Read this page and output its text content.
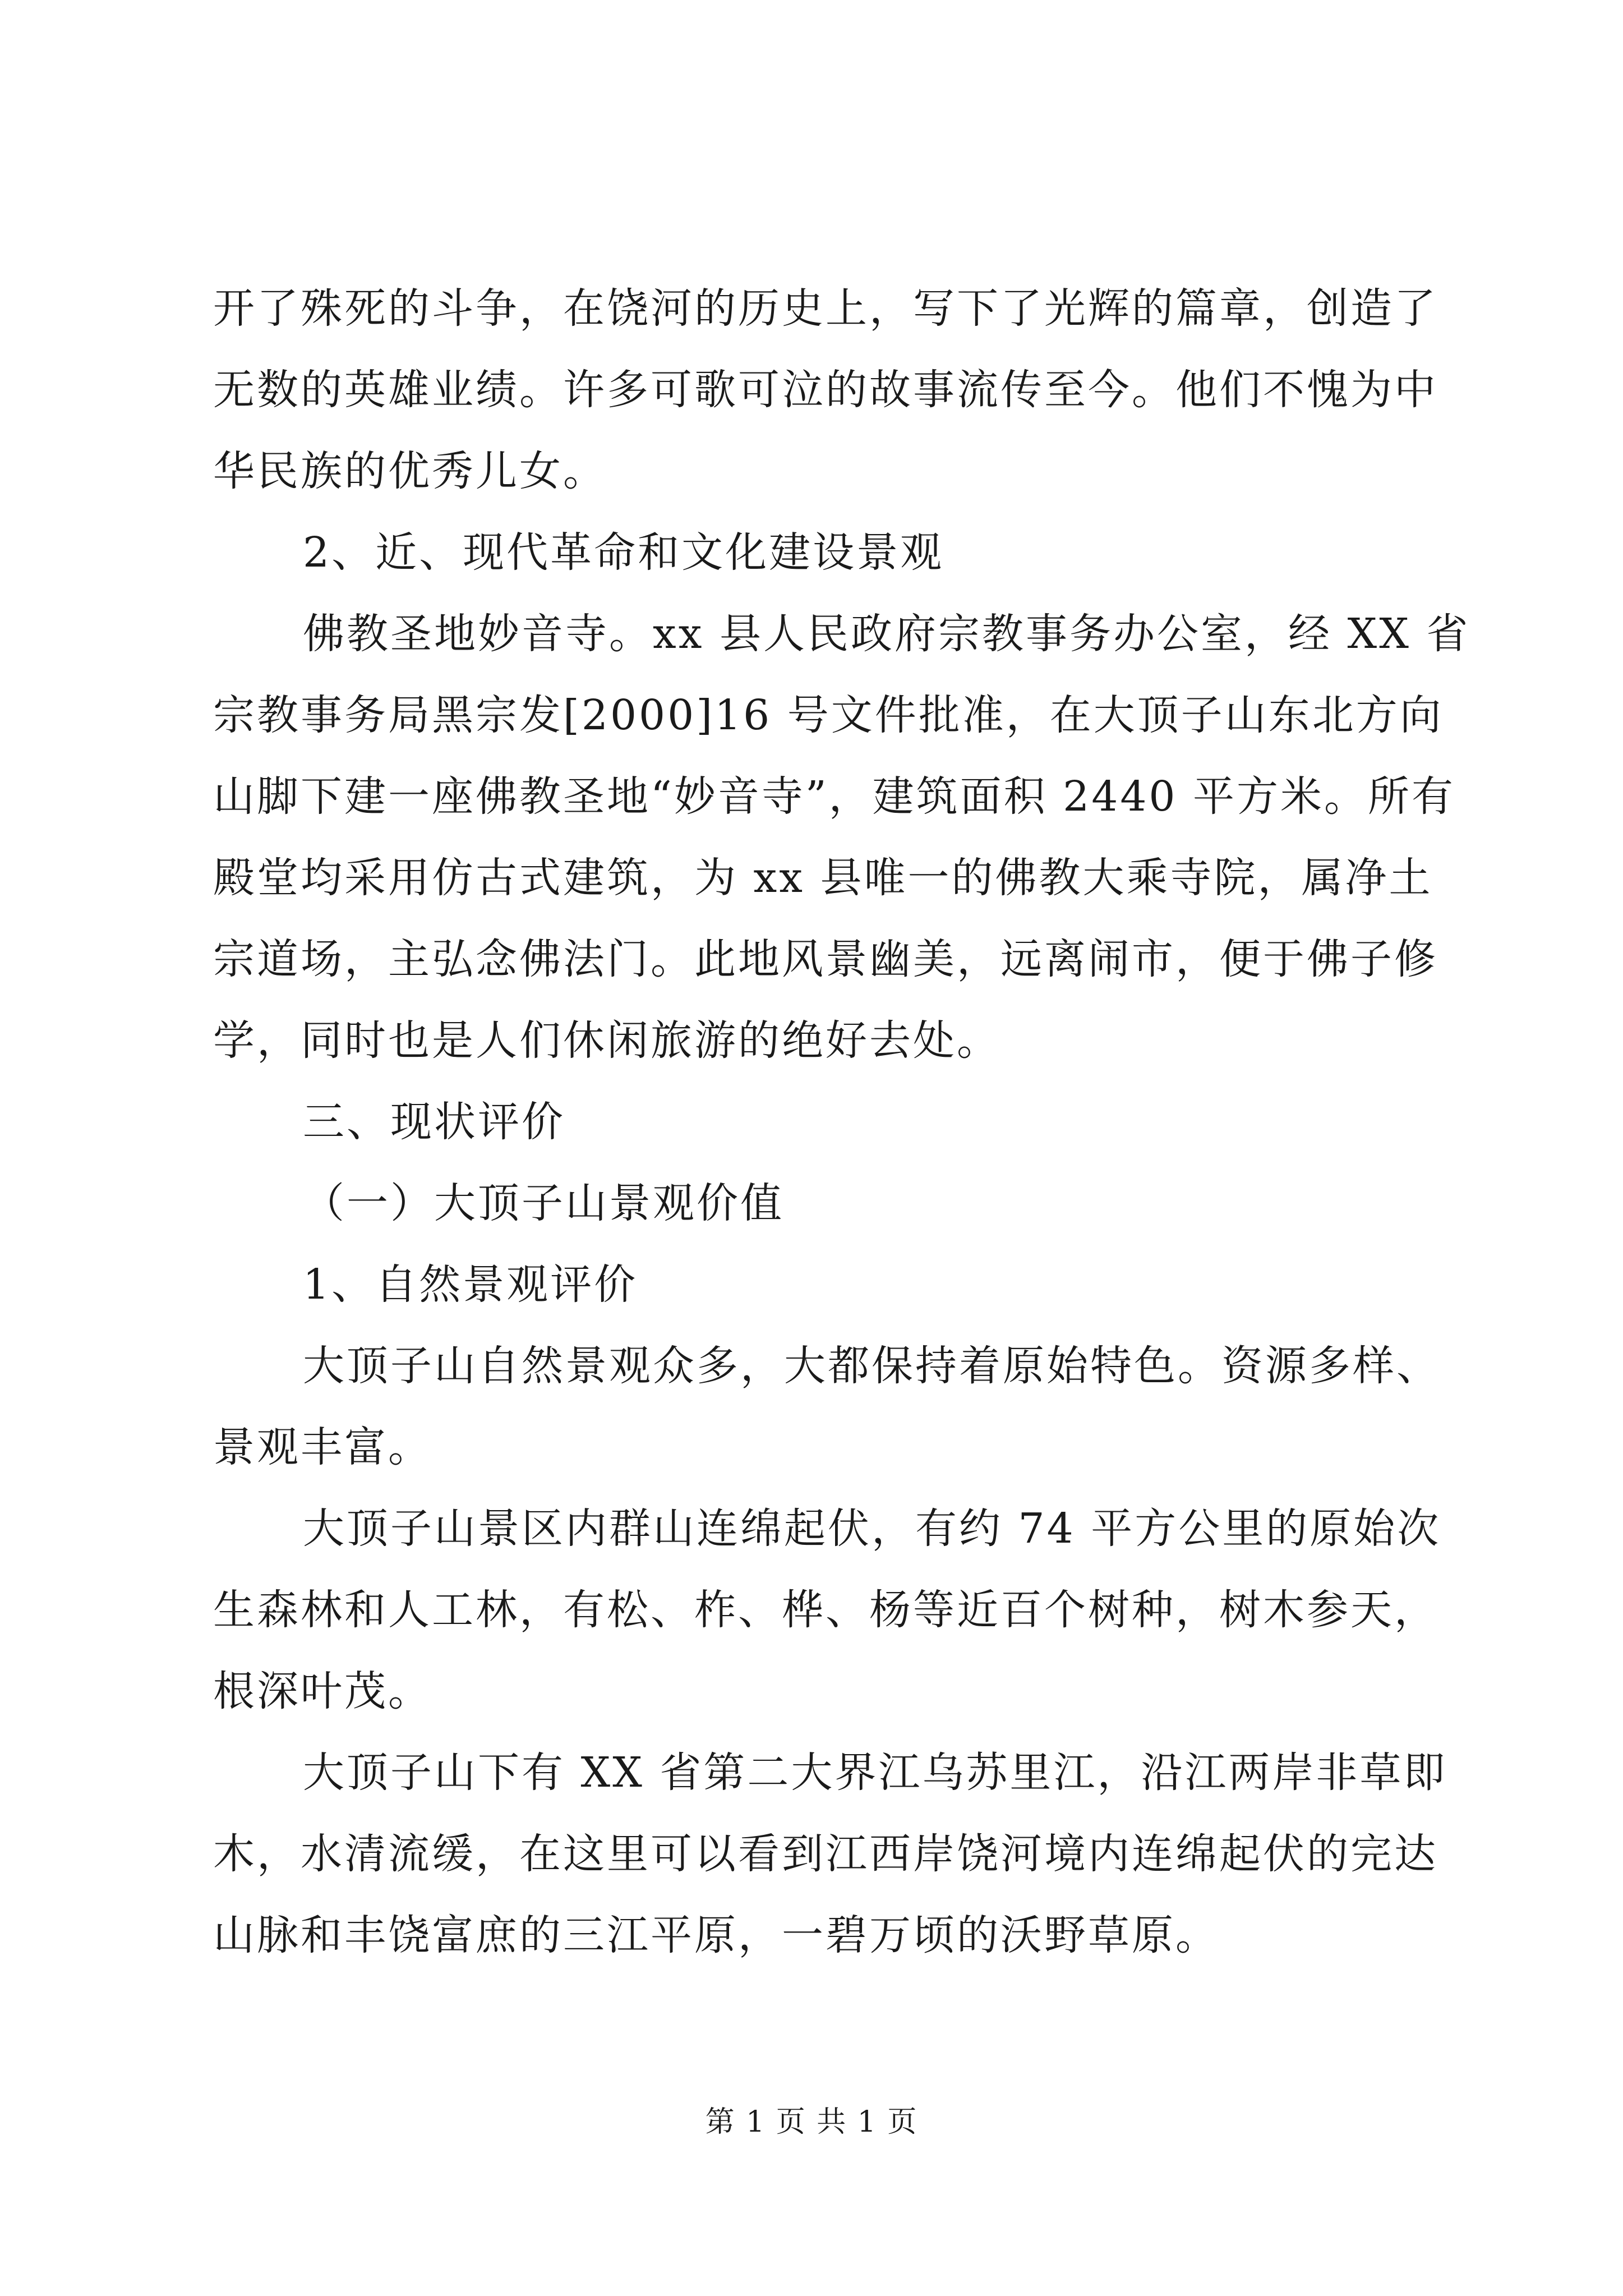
开了殊死的斗争，在饶河的历史上，写下了光辉的篇章，创造了
无数的英雄业绩。许多可歌可泣的故事流传至今。他们不愧为中
华民族的优秀儿女。

2、近、现代革命和文化建设景观

佛教圣地妙音寺。xx 县人民政府宗教事务办公室，经 XX 省
宗教事务局黑宗发[2000]16 号文件批准，在大顶子山东北方向
山脚下建一座佛教圣地“妙音寺”，建筑面积 2440 平方米。所有
殿堂均采用仿古式建筑，为 xx 县唯一的佛教大乘寺院，属净土
宗道场，主弘念佛法门。此地风景幽美，远离闹市，便于佛子修
学，同时也是人们休闲旅游的绝好去处。

三、现状评价

（一）大顶子山景观价值

1、自然景观评价

大顶子山自然景观众多，大都保持着原始特色。资源多样、
景观丰富。

大顶子山景区内群山连绵起伏，有约 74 平方公里的原始次
生森林和人工林，有松、柞、桦、杨等近百个树种，树木参天，
根深叶茂。

大顶子山下有 XX 省第二大界江乌苏里江，沿江两岸非草即
木，水清流缓，在这里可以看到江西岸饶河境内连绵起伏的完达
山脉和丰饶富庶的三江平原，一碧万顷的沃野草原。

第 1 页 共 1 页
